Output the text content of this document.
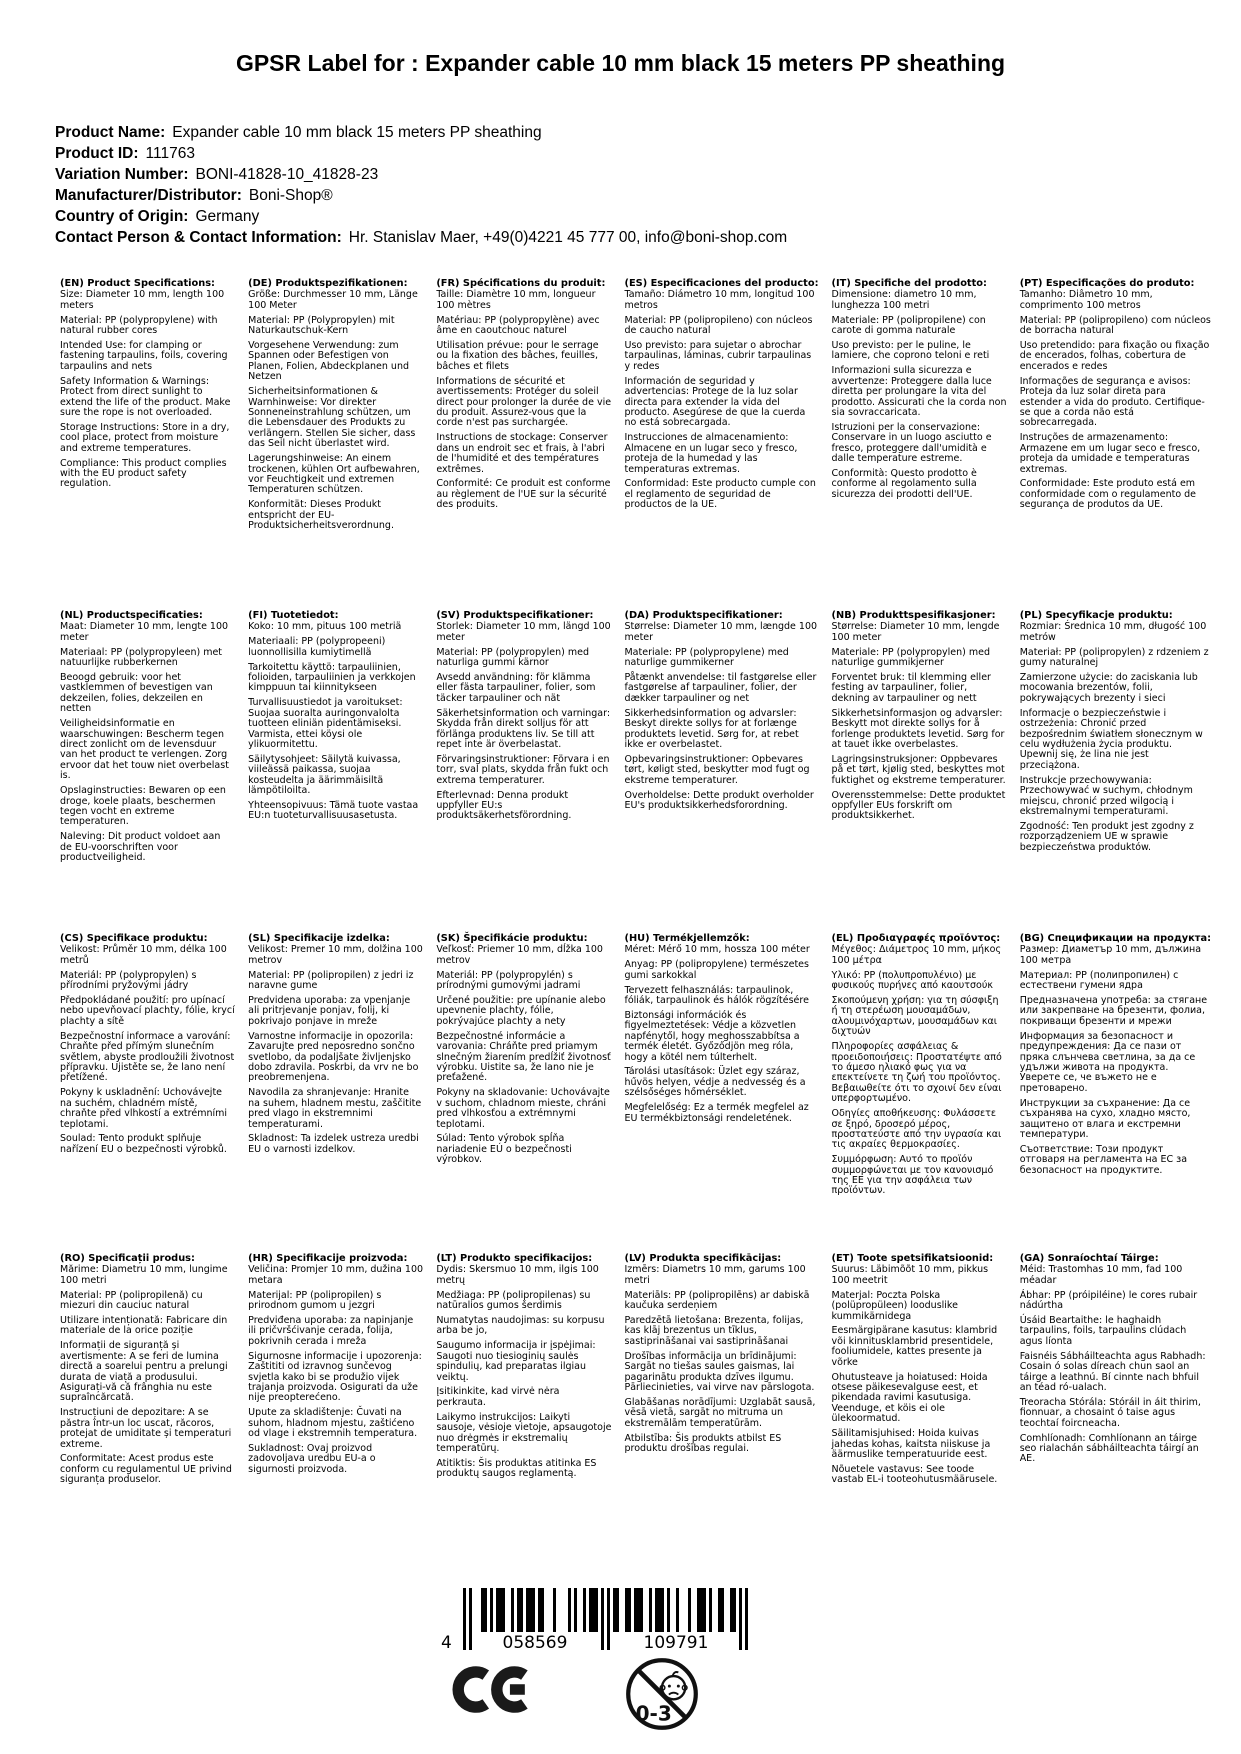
GPSR Label for : Expander cable 10 mm black 15 meters PP sheathing
Product Name: Expander cable 10 mm black 15 meters PP sheathing
Product ID: 111763
Variation Number: BONI-41828-10_41828-23
Manufacturer/Distributor: Boni-Shop®
Country of Origin: Germany
Contact Person & Contact Information: Hr. Stanislav Maer, +49(0)4221 45 777 00, info@boni-shop.com
(EN) Product Specifications:

Size: Diameter 10 mm, length 100 meters

Material: PP (polypropylene) with natural rubber cores

Intended Use: for clamping or fastening tarpaulins, foils, covering tarpaulins and nets

Safety Information & Warnings: Protect from direct sunlight to extend the life of the product. Make sure the rope is not overloaded.

Storage Instructions: Store in a dry, cool place, protect from moisture and extreme temperatures.

Compliance: This product complies with the EU product safety regulation.

(DE) Produktspezifikationen:

Größe: Durchmesser 10 mm, Länge 100 Meter

Material: PP (Polypropylen) mit Naturkautschuk-Kern

Vorgesehene Verwendung: zum Spannen oder Befestigen von Planen, Folien, Abdeckplanen und Netzen

Sicherheitsinformationen & Warnhinweise: Vor direkter Sonneneinstrahlung schützen, um die Lebensdauer des Produkts zu verlängern. Stellen Sie sicher, dass das Seil nicht überlastet wird.

Lagerungshinweise: An einem trockenen, kühlen Ort aufbewahren, vor Feuchtigkeit und extremen Temperaturen schützen.

Konformität: Dieses Produkt entspricht der EU-Produktsicherheitsverordnung.

(FR) Spécifications du produit:

Taille: Diamètre 10 mm, longueur 100 mètres

Matériau: PP (polypropylène) avec âme en caoutchouc naturel

Utilisation prévue: pour le serrage ou la fixation des bâches, feuilles, bâches et filets

Informations de sécurité et avertissements: Protéger du soleil direct pour prolonger la durée de vie du produit. Assurez-vous que la corde n'est pas surchargée.

Instructions de stockage: Conserver dans un endroit sec et frais, à l'abri de l'humidité et des températures extrêmes.

Conformité: Ce produit est conforme au règlement de l'UE sur la sécurité des produits.

(ES) Especificaciones del producto:

Tamaño: Diámetro 10 mm, longitud 100 metros

Material: PP (polipropileno) con núcleos de caucho natural

Uso previsto: para sujetar o abrochar tarpaulinas, láminas, cubrir tarpaulinas y redes

Información de seguridad y advertencias: Protege de la luz solar directa para extender la vida del producto. Asegúrese de que la cuerda no está sobrecargada.

Instrucciones de almacenamiento: Almacene en un lugar seco y fresco, proteja de la humedad y las temperaturas extremas.

Conformidad: Este producto cumple con el reglamento de seguridad de productos de la UE.

(IT) Specifiche del prodotto:

Dimensione: diametro 10 mm, lunghezza 100 metri

Materiale: PP (polipropilene) con carote di gomma naturale

Uso previsto: per le puline, le lamiere, che coprono teloni e reti

Informazioni sulla sicurezza e avvertenze: Proteggere dalla luce diretta per prolungare la vita del prodotto. Assicurati che la corda non sia sovraccaricata.

Istruzioni per la conservazione: Conservare in un luogo asciutto e fresco, proteggere dall'umidità e dalle temperature estreme.

Conformità: Questo prodotto è conforme al regolamento sulla sicurezza dei prodotti dell'UE.

(PT) Especificações do produto:

Tamanho: Diâmetro 10 mm, comprimento 100 metros

Material: PP (polipropileno) com núcleos de borracha natural

Uso pretendido: para fixação ou fixação de encerados, folhas, cobertura de encerados e redes

Informações de segurança e avisos: Proteja da luz solar direta para estender a vida do produto. Certifique-se que a corda não está sobrecarregada.

Instruções de armazenamento: Armazene em um lugar seco e fresco, proteja da umidade e temperaturas extremas.

Conformidade: Este produto está em conformidade com o regulamento de segurança de produtos da UE.

(NL) Productspecificaties:

Maat: Diameter 10 mm, lengte 100 meter

Materiaal: PP (polypropyleen) met natuurlijke rubberkernen

Beoogd gebruik: voor het vastklemmen of bevestigen van dekzeilen, folies, dekzeilen en netten

Veiligheidsinformatie en waarschuwingen: Bescherm tegen direct zonlicht om de levensduur van het product te verlengen. Zorg ervoor dat het touw niet overbelast is.

Opslaginstructies: Bewaren op een droge, koele plaats, beschermen tegen vocht en extreme temperaturen.

Naleving: Dit product voldoet aan de EU-voorschriften voor productveiligheid.

(FI) Tuotetiedot:

Koko: 10 mm, pituus 100 metriä

Materiaali: PP (polypropeeni) luonnollisilla kumiytimellä

Tarkoitettu käyttö: tarpauliinien, folioiden, tarpauliinien ja verkkojen kimppuun tai kiinnitykseen

Turvallisuustiedot ja varoitukset: Suojaa suoralta auringonvalolta tuotteen eliniän pidentämiseksi. Varmista, ettei köysi ole ylikuormitettu.

Säilytysohjeet: Säilytä kuivassa, viileässä paikassa, suojaa kosteudelta ja äärimmäisiltä lämpötiloilta.

Yhteensopivuus: Tämä tuote vastaa EU:n tuoteturvallisuusasetusta.

(SV) Produktspecifikationer:

Storlek: Diameter 10 mm, längd 100 meter

Material: PP (polypropylen) med naturliga gummi kärnor

Avsedd användning: för klämma eller fästa tarpauliner, folier, som täcker tarpauliner och nät

Säkerhetsinformation och varningar: Skydda från direkt solljus för att förlänga produktens liv. Se till att repet inte är överbelastat.

Förvaringsinstruktioner: Förvara i en torr, sval plats, skydda från fukt och extrema temperaturer.

Efterlevnad: Denna produkt uppfyller EU:s produktsäkerhetsförordning.

(DA) Produktspecifikationer:

Størrelse: Diameter 10 mm, længde 100 meter

Materiale: PP (polypropylene) med naturlige gummikerner

Påtænkt anvendelse: til fastgørelse eller fastgørelse af tarpauliner, folier, der dækker tarpauliner og net

Sikkerhedsinformation og advarsler: Beskyt direkte sollys for at forlænge produktets levetid. Sørg for, at rebet ikke er overbelastet.

Opbevaringsinstruktioner: Opbevares tørt, køligt sted, beskytter mod fugt og ekstreme temperaturer.

Overholdelse: Dette produkt overholder EU's produktsikkerhedsforordning.

(NB) Produkttspesifikasjoner:

Størrelse: Diameter 10 mm, lengde 100 meter

Materiale: PP (polypropylen) med naturlige gummikjerner

Forventet bruk: til klemming eller festing av tarpauliner, folier, dekning av tarpauliner og nett

Sikkerhetsinformasjon og advarsler: Beskytt mot direkte sollys for å forlenge produktets levetid. Sørg for at tauet ikke overbelastes.

Lagringsinstruksjoner: Oppbevares på et tørt, kjølig sted, beskyttes mot fuktighet og ekstreme temperaturer.

Overensstemmelse: Dette produktet oppfyller EUs forskrift om produktsikkerhet.

(PL) Specyfikacje produktu:

Rozmiar: Średnica 10 mm, długość 100 metrów

Materiał: PP (polipropylen) z rdzeniem z gumy naturalnej

Zamierzone użycie: do zaciskania lub mocowania brezentów, folii, pokrywających brezenty i sieci

Informacje o bezpieczeństwie i ostrzeżenia: Chronić przed bezpośrednim światłem słonecznym w celu wydłużenia życia produktu. Upewnij się, że lina nie jest przeciążona.

Instrukcje przechowywania: Przechowywać w suchym, chłodnym miejscu, chronić przed wilgocią i ekstremalnymi temperaturami.

Zgodność: Ten produkt jest zgodny z rozporządzeniem UE w sprawie bezpieczeństwa produktów.

(CS) Specifikace produktu:

Velikost: Průměr 10 mm, délka 100 metrů

Materiál: PP (polypropylen) s přírodními pryžovými jádry

Předpokládané použití: pro upínací nebo upevňovací plachty, fólie, krycí plachty a sítě

Bezpečnostní informace a varování: Chraňte před přímým slunečním světlem, abyste prodloužili životnost přípravku. Ujistěte se, že lano není přetížené.

Pokyny k uskladnění: Uchovávejte na suchém, chladném místě, chraňte před vlhkostí a extrémními teplotami.

Soulad: Tento produkt splňuje nařízení EU o bezpečnosti výrobků.

(SL) Specifikacije izdelka:

Velikost: Premer 10 mm, dolžina 100 metrov

Material: PP (polipropilen) z jedri iz naravne gume

Predvidena uporaba: za vpenjanje ali pritrjevanje ponjav, folij, ki pokrivajo ponjave in mreže

Varnostne informacije in opozorila: Zavarujte pred neposredno sončno svetlobo, da podaljšate življenjsko dobo zdravila. Poskrbi, da vrv ne bo preobremenjena.

Navodila za shranjevanje: Hranite na suhem, hladnem mestu, zaščitite pred vlago in ekstremnimi temperaturami.

Skladnost: Ta izdelek ustreza uredbi EU o varnosti izdelkov.

(SK) Špecifikácie produktu:

Veľkosť: Priemer 10 mm, dĺžka 100 metrov

Materiál: PP (polypropylén) s prírodnými gumovými jadrami

Určené použitie: pre upínanie alebo upevnenie plachty, fólie, pokrývajúce plachty a nety

Bezpečnostné informácie a varovania: Chráňte pred priamym slnečným žiarením predĺžiť životnosť výrobku. Uistite sa, že lano nie je preťažené.

Pokyny na skladovanie: Uchovávajte v suchom, chladnom mieste, chráni pred vlhkosťou a extrémnymi teplotami.

Súlad: Tento výrobok spĺňa nariadenie EÚ o bezpečnosti výrobkov.

(HU) Termékjellemzők:

Méret: Mérő 10 mm, hossza 100 méter

Anyag: PP (polipropylene) természetes gumi sarkokkal

Tervezett felhasználás: tarpaulinok, fóliák, tarpaulinok és hálók rögzítésére

Biztonsági információk és figyelmeztetések: Védje a közvetlen napfénytől, hogy meghosszabbítsa a termék életét. Győződjön meg róla, hogy a kötél nem túlterhelt.

Tárolási utasítások: Üzlet egy száraz, hűvös helyen, védje a nedvesség és a szélsőséges hőmérséklet.

Megfelelőség: Ez a termék megfelel az EU termékbiztonsági rendeletének.

(EL) Προδιαγραφές προϊόντος:

Μέγεθος: Διάμετρος 10 mm, μήκος 100 μέτρα

Υλικό: PP (πολυπροπυλένιο) με φυσικούς πυρήνες από καουτσούκ

Σκοπούμενη χρήση: για τη σύσφιξη ή τη στερέωση μουσαμάδων, αλουμινόχαρτων, μουσαμάδων και διχτυών

Πληροφορίες ασφάλειας & προειδοποιήσεις: Προστατέψτε από το άμεσο ηλιακό φως για να επεκτείνετε τη ζωή του προϊόντος. Βεβαιωθείτε ότι το σχοινί δεν είναι υπερφορτωμένο.

Οδηγίες αποθήκευσης: Φυλάσσετε σε ξηρό, δροσερό μέρος, προστατεύστε από την υγρασία και τις ακραίες θερμοκρασίες.

Συμμόρφωση: Αυτό το προϊόν συμμορφώνεται με τον κανονισμό της ΕΕ για την ασφάλεια των προϊόντων.

(BG) Спецификации на продукта:

Размер: Диаметър 10 mm, дължина 100 метра

Материал: PP (полипропилен) с естествени гумени ядра

Предназначена употреба: за стягане или закрепване на брезенти, фолиа, покриващи брезенти и мрежи

Информация за безопасност и предупреждения: Да се пази от пряка слънчева светлина, за да се удължи живота на продукта. Уверете се, че въжето не е претоварено.

Инструкции за съхранение: Да се съхранява на сухо, хладно място, защитено от влага и екстремни температури.

Съответствие: Този продукт отговаря на регламента на ЕС за безопасност на продуктите.

(RO) Specificații produs:

Mărime: Diametru 10 mm, lungime 100 metri

Material: PP (polipropilenă) cu miezuri din cauciuc natural

Utilizare intenționată: Fabricare din materiale de la orice poziție

Informații de siguranță și avertismente: A se feri de lumina directă a soarelui pentru a prelungi durata de viață a produsului. Asigurați-vă că frânghia nu este supraîncărcată.

Instrucțiuni de depozitare: A se păstra într-un loc uscat, răcoros, protejat de umiditate și temperaturi extreme.

Conformitate: Acest produs este conform cu regulamentul UE privind siguranța produselor.

(HR) Specifikacije proizvoda:

Veličina: Promjer 10 mm, dužina 100 metara

Materijal: PP (polipropilen) s prirodnom gumom u jezgri

Predviđena uporaba: za napinjanje ili pričvršćivanje cerada, folija, pokrivnih cerada i mreža

Sigurnosne informacije i upozorenja: Zaštititi od izravnog sunčevog svjetla kako bi se produžio vijek trajanja proizvoda. Osigurati da uže nije preopterećeno.

Upute za skladištenje: Čuvati na suhom, hladnom mjestu, zaštićeno od vlage i ekstremnih temperatura.

Sukladnost: Ovaj proizvod zadovoljava uredbu EU-a o sigurnosti proizvoda.

(LT) Produkto specifikacijos:

Dydis: Skersmuo 10 mm, ilgis 100 metrų

Medžiaga: PP (polipropilenas) su natūralios gumos šerdimis

Numatytas naudojimas: su korpusu arba be jo,

Saugumo informacija ir įspėjimai: Saugoti nuo tiesioginių saulės spindulių, kad preparatas ilgiau veiktų.

Įsitikinkite, kad virvė nėra perkrauta.

Laikymo instrukcijos: Laikyti sausoje, vėsioje vietoje, apsaugotoje nuo drėgmės ir ekstremalių temperatūrų.

Atitiktis: Šis produktas atitinka ES produktų saugos reglamentą.

(LV) Produkta specifikācijas:

Izmērs: Diametrs 10 mm, garums 100 metri

Materiāls: PP (polipropilēns) ar dabiskā kaučuka serdeņiem

Paredzētā lietošana: Brezenta, folijas, kas klāj brezentus un tīklus, sastiprināšanai vai sastiprināšanai

Drošības informācija un brīdinājumi: Sargāt no tiešas saules gaismas, lai pagarinātu produkta dzīves ilgumu. Pārliecinieties, vai virve nav pārslogota.

Glabāšanas norādījumi: Uzglabāt sausā, vēsā vietā, sargāt no mitruma un ekstremālām temperatūrām.

Atbilstība: Šis produkts atbilst ES produktu drošības regulai.

(ET) Toote spetsifikatsioonid:

Suurus: Läbimõõt 10 mm, pikkus 100 meetrit

Materjal: Poczta Polska (polüpropüleen) looduslike kummikärnidega

Eesmärgipärane kasutus: klambrid või kinnitusklambrid presentidele, fooliumidele, kattes presente ja võrke

Ohutusteave ja hoiatused: Hoida otsese päikesevalguse eest, et pikendada ravimi kasutusiga. Veenduge, et köis ei ole ülekoormatud.

Säilitamisjuhised: Hoida kuivas jahedas kohas, kaitsta niiskuse ja äärmuslike temperatuuride eest.

Nõuetele vastavus: See toode vastab EL-i tooteohutusmäärusele.

(GA) Sonraíochtaí Táirge:

Méid: Trastomhas 10 mm, fad 100 méadar

Ábhar: PP (próipiléine) le cores rubair nádúrtha

Úsáid Beartaithe: le haghaidh tarpaulins, foils, tarpaulins clúdach agus líonta

Faisnéis Sábháilteachta agus Rabhadh: Cosain ó solas díreach chun saol an táirge a leathnú. Bí cinnte nach bhfuil an téad ró-ualach.

Treoracha Stórála: Stóráil in áit thirim, fionnuar, a chosaint ó taise agus teochtaí foircneacha.

Comhlíonadh: Comhlíonann an táirge seo rialachán sábháilteachta táirgí an AE.

4	058569	109791
0-3
